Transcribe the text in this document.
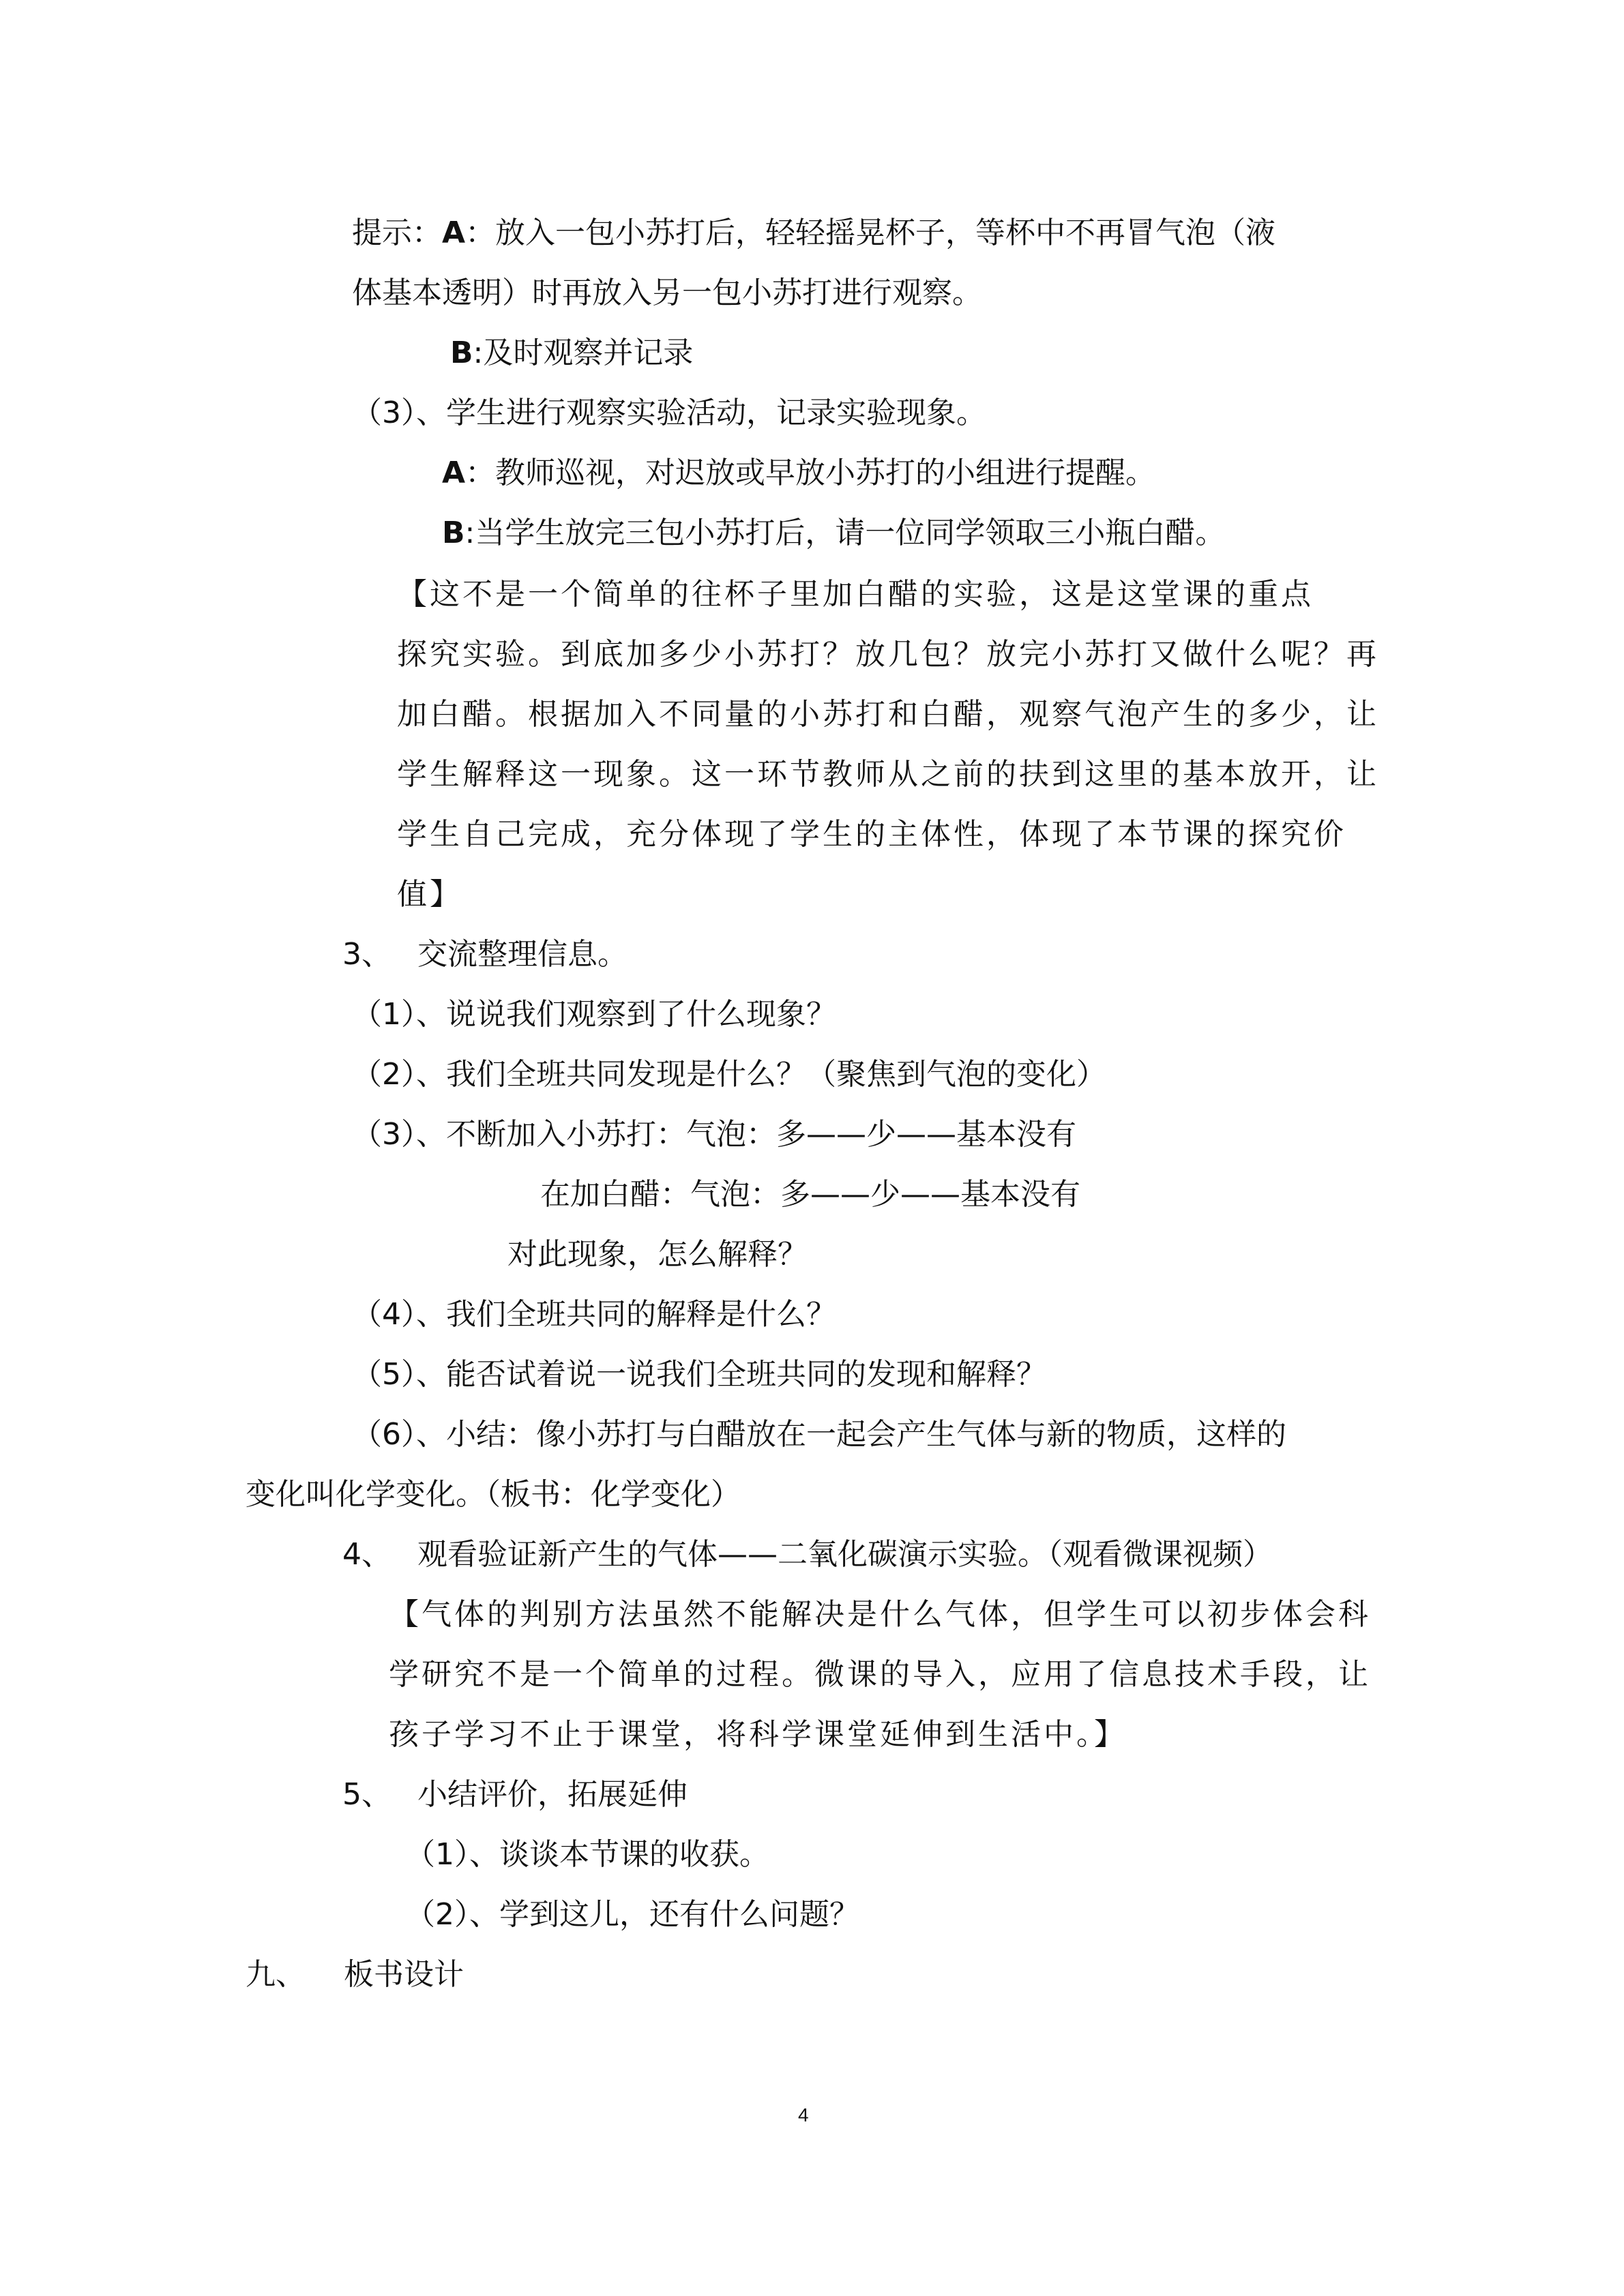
提示：A：放入一包小苏打后，轻轻摇晃杯子，等杯中不再冒气泡（液
体基本透明）时再放入另一包小苏打进行观察。
B:及时观察并记录
（3）、学生进行观察实验活动，记录实验现象。
A：教师巡视，对迟放或早放小苏打的小组进行提醒。
B:当学生放完三包小苏打后，请一位同学领取三小瓶白醋。
【这不是一个简单的往杯子里加白醋的实验，这是这堂课的重点
探究实验。到底加多少小苏打？放几包？放完小苏打又做什么呢？再
加白醋。根据加入不同量的小苏打和白醋，观察气泡产生的多少，让
学生解释这一现象。这一环节教师从之前的扶到这里的基本放开，让
学生自己完成，充分体现了学生的主体性，体现了本节课的探究价
值】
3、 交流整理信息。
（1）、说说我们观察到了什么现象？
（2）、我们全班共同发现是什么？（聚焦到气泡的变化）
（3）、不断加入小苏打：气泡：多——少——基本没有
在加白醋：气泡：多——少——基本没有
对此现象，怎么解释？
（4）、我们全班共同的解释是什么？
（5）、能否试着说一说我们全班共同的发现和解释？
（6）、小结：像小苏打与白醋放在一起会产生气体与新的物质，这样的
变化叫化学变化。（板书：化学变化）
4、 观看验证新产生的气体——二氧化碳演示实验。（观看微课视频）
【气体的判别方法虽然不能解决是什么气体，但学生可以初步体会科
学研究不是一个简单的过程。微课的导入，应用了信息技术手段，让
孩子学习不止于课堂，将科学课堂延伸到生活中。】
5、 小结评价，拓展延伸
（1）、谈谈本节课的收获。
（2）、学到这儿，还有什么问题？
九、 板书设计
4
